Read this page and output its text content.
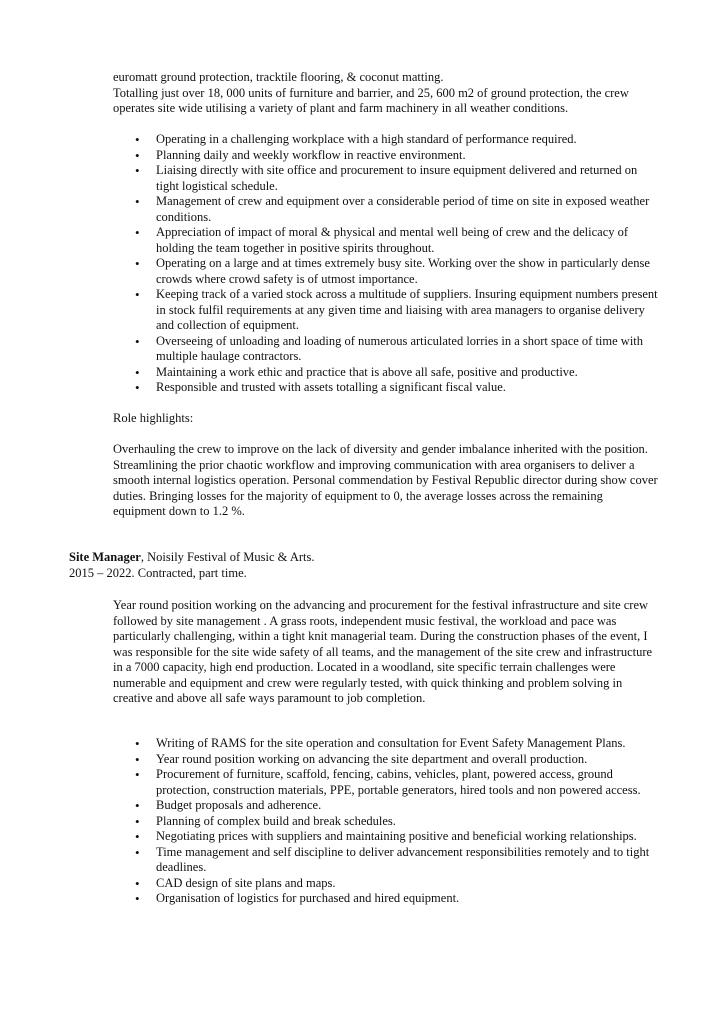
euromatt ground protection, tracktile flooring, & coconut matting.

Totalling just over 18, 000 units of furniture and barrier, and 25, 600 m2 of ground protection, the crew operates site wide utilising a variety of plant and farm machinery in all weather conditions.

• Operating in a challenging workplace with a high standard of performance required.
• Planning daily and weekly workflow in reactive environment.
• Liaising directly with site office and procurement to insure equipment delivered and returned on tight logistical schedule.
• Management of crew and equipment over a considerable period of time on site in exposed weather conditions.
• Appreciation of impact of moral & physical and mental well being of crew and the delicacy of holding the team together in positive spirits throughout.
• Operating on a large and at times extremely busy site. Working over the show in particularly dense crowds where crowd safety is of utmost importance.
• Keeping track of a varied stock across a multitude of suppliers. Insuring equipment numbers present in stock fulfil requirements at any given time and liaising with area managers to organise delivery and collection of equipment.
• Overseeing of unloading and loading of numerous articulated lorries in a short space of time with multiple haulage contractors.
• Maintaining a work ethic and practice that is above all safe, positive and productive.
• Responsible and trusted with assets totalling a significant fiscal value.

Role highlights:

Overhauling the crew to improve on the lack of diversity and gender imbalance inherited with the position. Streamlining the prior chaotic workflow and improving communication with area organisers to deliver a smooth internal logistics operation. Personal commendation by Festival Republic director during show cover duties. Bringing losses for the majority of equipment to 0, the average losses across the remaining equipment down to 1.2 %.

Site Manager, Noisily Festival of Music & Arts.

2015 – 2022. Contracted, part time.

Year round position working on the advancing and procurement for the festival infrastructure and site crew followed by site management . A grass roots, independent music festival, the workload and pace was particularly challenging, within a tight knit managerial team. During the construction phases of the event, I was responsible for the site wide safety of all teams, and the management of the site crew and infrastructure in a 7000 capacity, high end production. Located in a woodland, site specific terrain challenges were numerable and equipment and crew were regularly tested, with quick thinking and problem solving in creative and above all safe ways paramount to job completion.

• Writing of RAMS for the site operation and consultation for Event Safety Management Plans.
• Year round position working on advancing the site department and overall production.
• Procurement of furniture, scaffold, fencing, cabins, vehicles, plant, powered access, ground protection, construction materials, PPE, portable generators, hired tools and non powered access.
• Budget proposals and adherence.
• Planning of complex build and break schedules.
• Negotiating prices with suppliers and maintaining positive and beneficial working relationships.
• Time management and self discipline to deliver advancement responsibilities remotely and to tight deadlines.
• CAD design of site plans and maps.
• Organisation of logistics for purchased and hired equipment.
